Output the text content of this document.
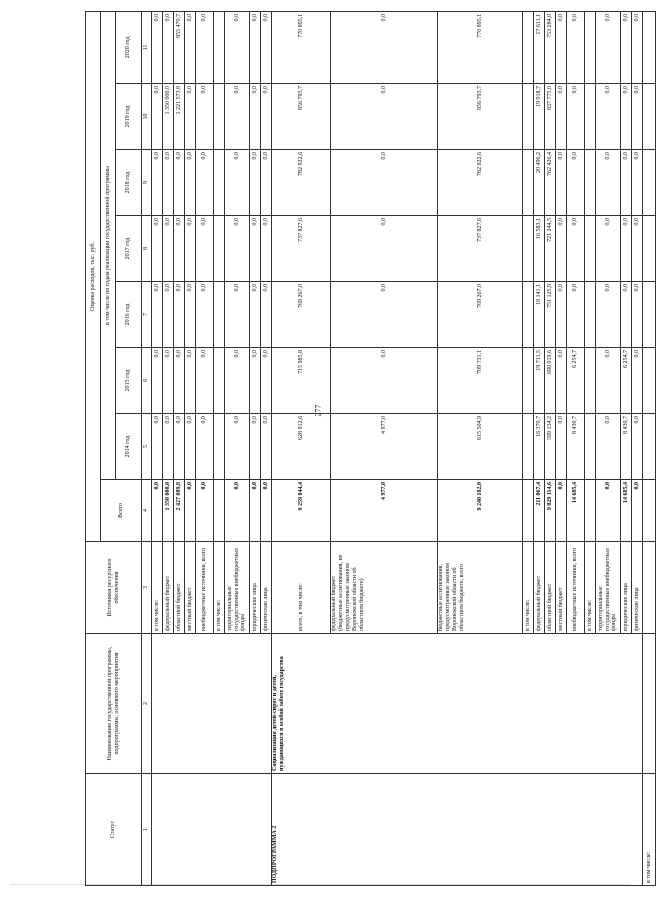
277
Статус	Наименование государственной программы, подпрограммы, основного мероприятия	Источники ресурсного обеспечения	Оценка расходов, тыс. руб.							
			Всего	в том числе по годам реализации государственной программы						
				2014 год	2015 год	2016 год	2017 год	2018 год	2019 год	2020 год
1	2	3	4	5	6	7	8	9	10	11
		в том числе:	0,0	0,0	0,0	0,0	0,0	0,0	0,0	0,0
		федеральный бюджет	1 350 000,0	0,0	0,0	0,0	0,0	0,0	1 350 000,0	0,0
		областной бюджет	2 427 089,8	0,0	0,0	0,0	0,0	0,0	1 221 573,8	855 470,7
		местный бюджет	0,0	0,0	0,0	0,0	0,0	0,0	0,0	0,0
		внебюджетные источники, всего	0,0	0,0	0,0	0,0	0,0	0,0	0,0	0,0
		в том числе:								
		территориальные государственные внебюджетные фонды	0,0	0,0	0,0	0,0	0,0	0,0	0,0	0,0
		юридические лица	0,0	0,0	0,0	0,0	0,0	0,0	0,0	0,0
		физические лица	0,0	0,0	0,0	0,0	0,0	0,0	0,0	0,0
ПОДПРОГРАММА 2	Социализация детей-сирот и детей, нуждающихся в особой заботе государства	всего, в том числе:	9 259 844,4	628 912,6	715 985,8	769 267,0	737 827,6	782 922,6	856 793,7	770 895,1
		федеральный бюджет (бюджетные ассигнования, не предусмотренные законом Воронежской области об областном бюджете)	4 977,0	4 977,0	0,0	0,0	0,0	0,0	0,0	0,0
		бюджетные ассигнования, предусмотренные законом Воронежской области об областном бюджете, всего	9 240 182,0	615 504,9	709 731,1	769 267,0	737 827,6	782 922,6	856 793,7	770 895,1
		в том числе:								
		федеральный бюджет	211 067,4	16 370,7	19 711,5	18 141,1	16 583,1	20 496,2	19 018,7	17 611,1
		областной бюджет	9 029 114,6	599 134,2	690 019,6	751 125,9	721 244,5	762 426,4	837 775,0	753 284,0
		местный бюджет	0,0	0,0	0,0	0,0	0,0	0,0	0,0	0,0
		внебюджетные источники, всего	14 685,4	8 430,7	6 254,7	0,0	0,0	0,0	0,0	0,0
		в том числе:								
		территориальные государственные внебюджетные фонды	0,0	0,0	0,0	0,0	0,0	0,0	0,0	0,0
		юридические лица	14 685,4	8 430,7	6 254,7	0,0	0,0	0,0	0,0	0,0
		физические лица	0,0	0,0	0,0	0,0	0,0	0,0	0,0	0,0
в том числе:										
